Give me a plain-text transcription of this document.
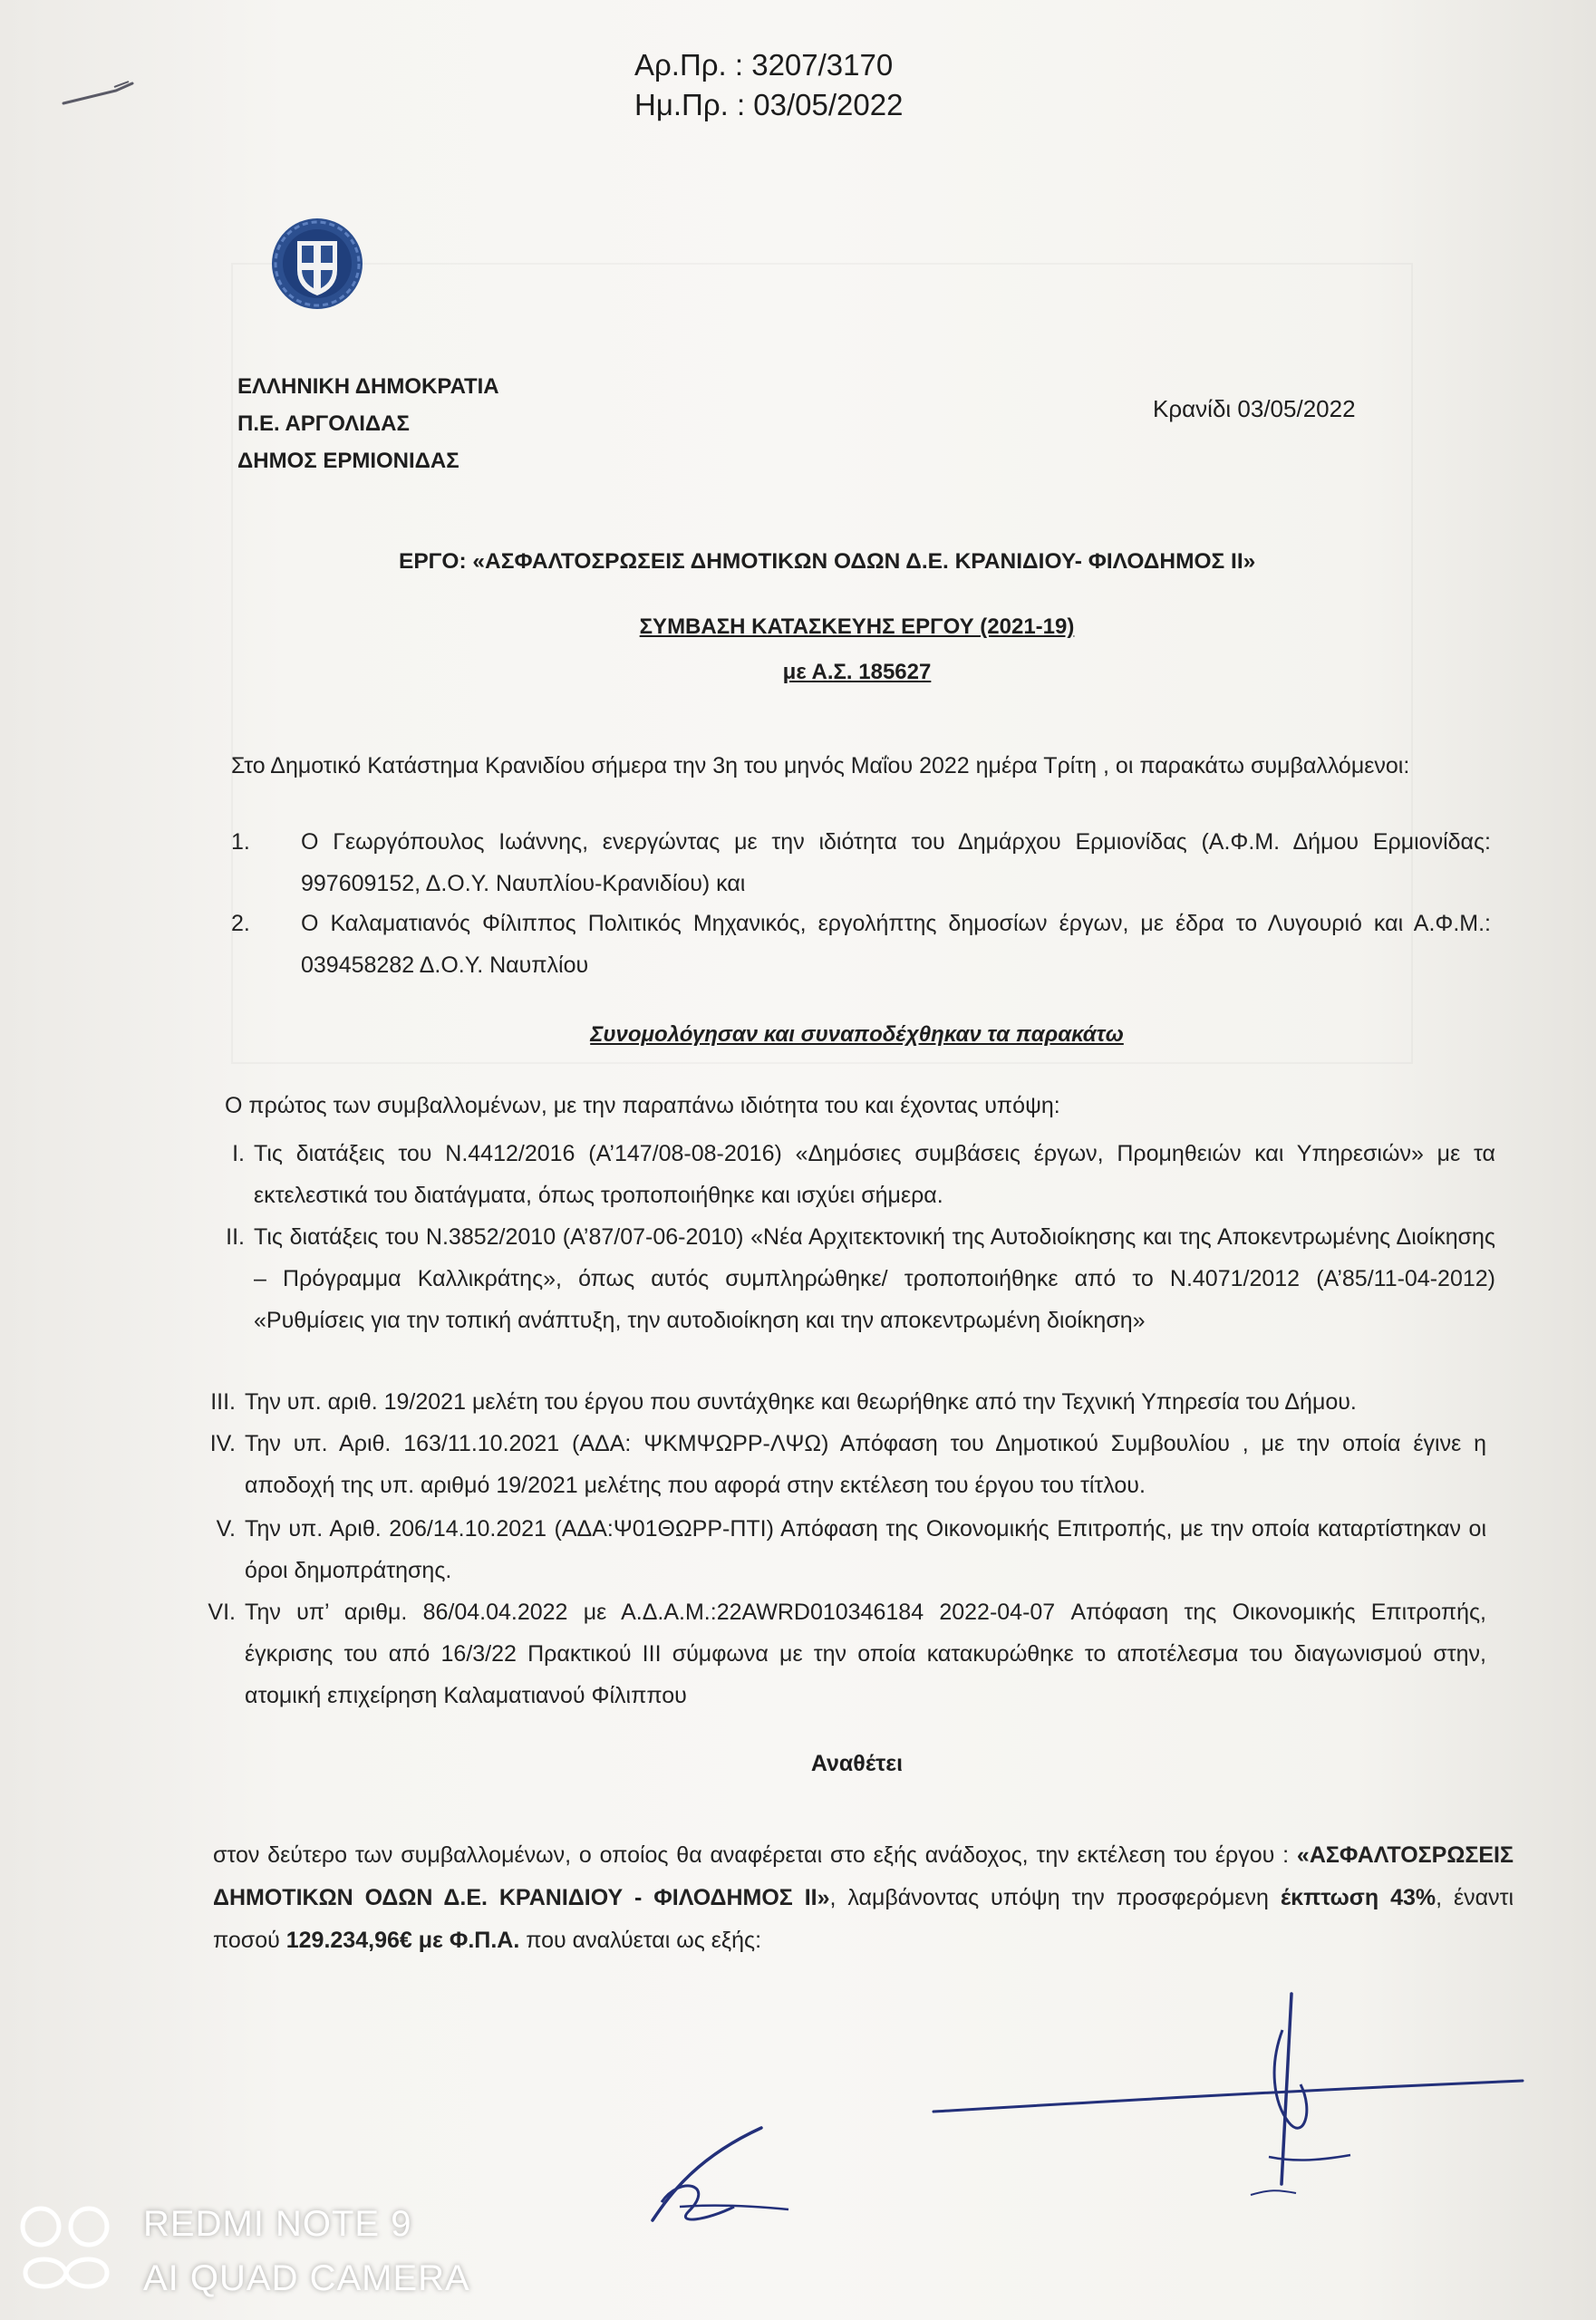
Αρ.Πρ. : 3207/3170
Ημ.Πρ. : 03/05/2022
ΕΛΛΗΝΙΚΗ ΔΗΜΟΚΡΑΤΙΑ
Π.Ε. ΑΡΓΟΛΙΔΑΣ
ΔΗΜΟΣ ΕΡΜΙΟΝΙΔΑΣ
Κρανίδι 03/05/2022
ΕΡΓΟ: «ΑΣΦΑΛΤΟΣΡΩΣΕΙΣ ΔΗΜΟΤΙΚΩΝ ΟΔΩΝ Δ.Ε. ΚΡΑΝΙΔΙΟΥ- ΦΙΛΟΔΗΜΟΣ ΙΙ»
ΣΥΜΒΑΣΗ ΚΑΤΑΣΚΕΥΗΣ ΕΡΓΟΥ (2021-19)
με Α.Σ. 185627
Στο Δημοτικό Κατάστημα Κρανιδίου σήμερα την 3η του μηνός Μαΐου 2022 ημέρα Τρίτη , οι παρακάτω συμβαλλόμενοι:
1. Ο Γεωργόπουλος Ιωάννης, ενεργώντας με την ιδιότητα του Δημάρχου Ερμιονίδας (Α.Φ.Μ. Δήμου Ερμιονίδας: 997609152, Δ.Ο.Υ. Ναυπλίου-Κρανιδίου) και
2. Ο Καλαματιανός Φίλιππος Πολιτικός Μηχανικός, εργολήπτης δημοσίων έργων, με έδρα το Λυγουριό και Α.Φ.Μ.: 039458282 Δ.Ο.Υ. Ναυπλίου
Συνομολόγησαν και συναποδέχθηκαν τα παρακάτω
Ο πρώτος των συμβαλλομένων, με την παραπάνω ιδιότητα του και έχοντας υπόψη:
I. Τις διατάξεις του Ν.4412/2016 (Α’147/08-08-2016) «Δημόσιες συμβάσεις έργων, Προμηθειών και Υπηρεσιών» με τα εκτελεστικά του διατάγματα, όπως τροποποιήθηκε και ισχύει σήμερα.
II. Τις διατάξεις του Ν.3852/2010 (Α’87/07-06-2010) «Νέα Αρχιτεκτονική της Αυτοδιοίκησης και της Αποκεντρωμένης Διοίκησης – Πρόγραμμα Καλλικράτης», όπως αυτός συμπληρώθηκε/ τροποποιήθηκε από το Ν.4071/2012 (Α’85/11-04-2012) «Ρυθμίσεις για την τοπική ανάπτυξη, την αυτοδιοίκηση και την αποκεντρωμένη διοίκηση»
III. Την υπ. αριθ. 19/2021 μελέτη του έργου που συντάχθηκε και θεωρήθηκε από την Τεχνική Υπηρεσία του Δήμου.
IV. Την υπ. Αριθ. 163/11.10.2021 (ΑΔΑ: ΨΚΜΨΩΡΡ-ΛΨΩ) Απόφαση του Δημοτικού Συμβουλίου , με την οποία έγινε η αποδοχή της υπ. αριθμό 19/2021 μελέτης που αφορά στην εκτέλεση του έργου του τίτλου.
V. Την υπ. Αριθ. 206/14.10.2021 (ΑΔΑ:Ψ01ΘΩΡΡ-ΠΤΙ) Απόφαση της Οικονομικής Επιτροπής, με την οποία καταρτίστηκαν οι όροι δημοπράτησης.
VI. Την υπ’ αριθμ. 86/04.04.2022 με Α.Δ.Α.Μ.:22AWRD010346184 2022-04-07 Απόφαση της Οικονομικής Επιτροπής, έγκρισης του από 16/3/22 Πρακτικού ΙΙΙ σύμφωνα με την οποία κατακυρώθηκε το αποτέλεσμα του διαγωνισμού στην, ατομική επιχείρηση Καλαματιανού Φίλιππου
Αναθέτει
στον δεύτερο των συμβαλλομένων, ο οποίος θα αναφέρεται στο εξής ανάδοχος, την εκτέλεση του έργου : «ΑΣΦΑΛΤΟΣΡΩΣΕΙΣ ΔΗΜΟΤΙΚΩΝ ΟΔΩΝ Δ.Ε. ΚΡΑΝΙΔΙΟΥ - ΦΙΛΟΔΗΜΟΣ ΙΙ», λαμβάνοντας υπόψη την προσφερόμενη έκπτωση 43%, έναντι ποσού 129.234,96€ με Φ.Π.Α. που αναλύεται ως εξής:
REDMI NOTE 9
AI QUAD CAMERA
